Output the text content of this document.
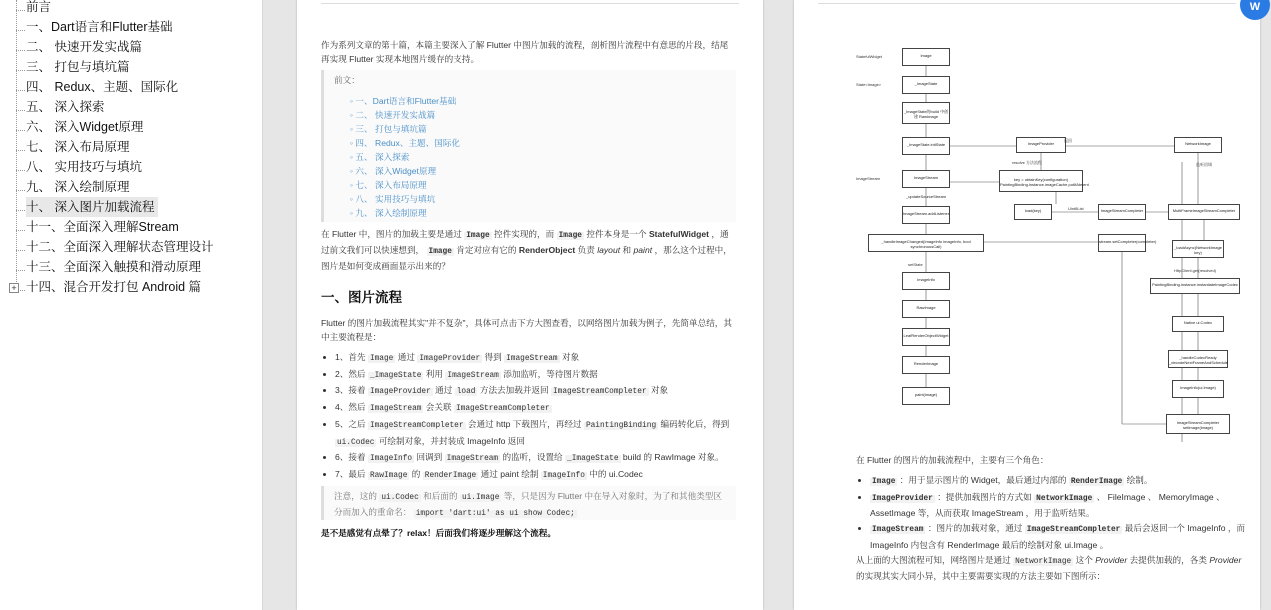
前言
一、Dart语言和Flutter基础
二、 快速开发实战篇
三、 打包与填坑篇
四、 Redux、主题、国际化
五、 深入探索
六、 深入Widget原理
七、 深入布局原理
八、 实用技巧与填坑
九、 深入绘制原理
十、 深入图片加载流程
十一、全面深入理解Stream
十二、全面深入理解状态管理设计
十三、全面深入触摸和滑动原理
十四、混合开发打包 Android 篇
+
作为系列文章的第十篇，本篇主要深入了解 Flutter 中图片加载的流程，剖析图片流程中有意思的片段，结尾再实现 Flutter 实现本地图片缓存的支持。
前文：
◦ 一、Dart语言和Flutter基础
◦ 二、 快速开发实战篇
◦ 三、 打包与填坑篇
◦ 四、 Redux、主题、国际化
◦ 五、 深入探索
◦ 六、 深入Widget原理
◦ 七、 深入布局原理
◦ 八、 实用技巧与填坑
◦ 九、 深入绘制原理
在 Flutter 中，图片的加载主要是通过 Image 控件实现的，而 Image 控件本身是一个 StatefulWidget ，通过前文我们可以快速想到， Image 肯定对应有它的 RenderObject 负责 layout 和 paint ，那么这个过程中，图片是如何变成画面显示出来的？
一、图片流程
Flutter 的图片加载流程其实"并不复杂"，具体可点击下方大图查看，以网络图片加载为例子，先简单总结，其中主要流程是：
• 1、首先 Image 通过 ImageProvider 得到 ImageStream 对象
• 2、然后 _ImageState 利用 ImageStream 添加监听，等待图片数据
• 3、接着 ImageProvider 通过 load 方法去加载并返回 ImageStreamCompleter 对象
• 4、然后 ImageStream 会关联 ImageStreamCompleter
• 5、之后 ImageStreamCompleter 会通过 http 下载图片，再经过 PaintingBinding 编码转化后，得到 ui.Codec 可绘制对象，并封装成 ImageInfo 返回
• 6、接着 ImageInfo 回调到 ImageStream 的监听，设置给 _ImageState build 的 RawImage 对象。
• 7、最后 RawImage 的 RenderImage 通过 paint 绘制 ImageInfo 中的 ui.Codec
注意，这的 ui.Codec 和后面的 ui.Image 等，只是因为 Flutter 中在导入对象时，为了和其他类型区分而加入的重命名： import 'dart:ui' as ui show Codec;
是不是感觉有点晕了？relax！后面我们将逐步理解这个流程。
Image
_ImageState
_ImageState的build 中创建 RawImage
_ImageState.initState	ImageProvider
ImageStream	key = obtainKey(configuration) PaintingBinding.instance.imageCache.putIfAbsent
NetworkImage
_updateSourceStream
ImageStream.addListener
load(key)	ImageStreamCompleter	MultiFrameImageStreamCompleter
_handleImageChanged(ImageInfo imageInfo, bool synchronousCall)
stream.setCompleter(completer)
_loadAsync(NetworkImage key)
ImageInfo
RawImage
LeafRenderObjectWidget
RenderImage
paint(image)
PaintingBinding.instance.instantiateImageCodec
Native ui.Codec
_handleCodecReady _decodeNextFrameAndSchedule
ImageInfo(ui.Image)
ImageStreamCompleter setImage(image)
StatefulWidget
State<Image>
ImageStream
resolve 方法流程
setState
HttpClient.get(resolved)
Uint8List
返回
监听回调
在 Flutter 的图片的加载流程中，主要有三个角色：
• Image ：用于显示图片的 Widget，最后通过内部的 RenderImage 绘制。
• ImageProvider ：提供加载图片的方式如 NetworkImage 、 FileImage 、 MemoryImage 、 AssetImage 等，从而获取 ImageStream ，用于监听结果。
• ImageStream ：图片的加载对象，通过 ImageStreamCompleter 最后会返回一个 ImageInfo ，而 ImageInfo 内包含有 RenderImage 最后的绘制对象 ui.Image 。
从上面的大图流程可知，网络图片是通过 NetworkImage 这个 Provider 去提供加载的，各类 Provider 的实现其实大同小异，其中主要需要实现的方法主要如下图所示：
W
